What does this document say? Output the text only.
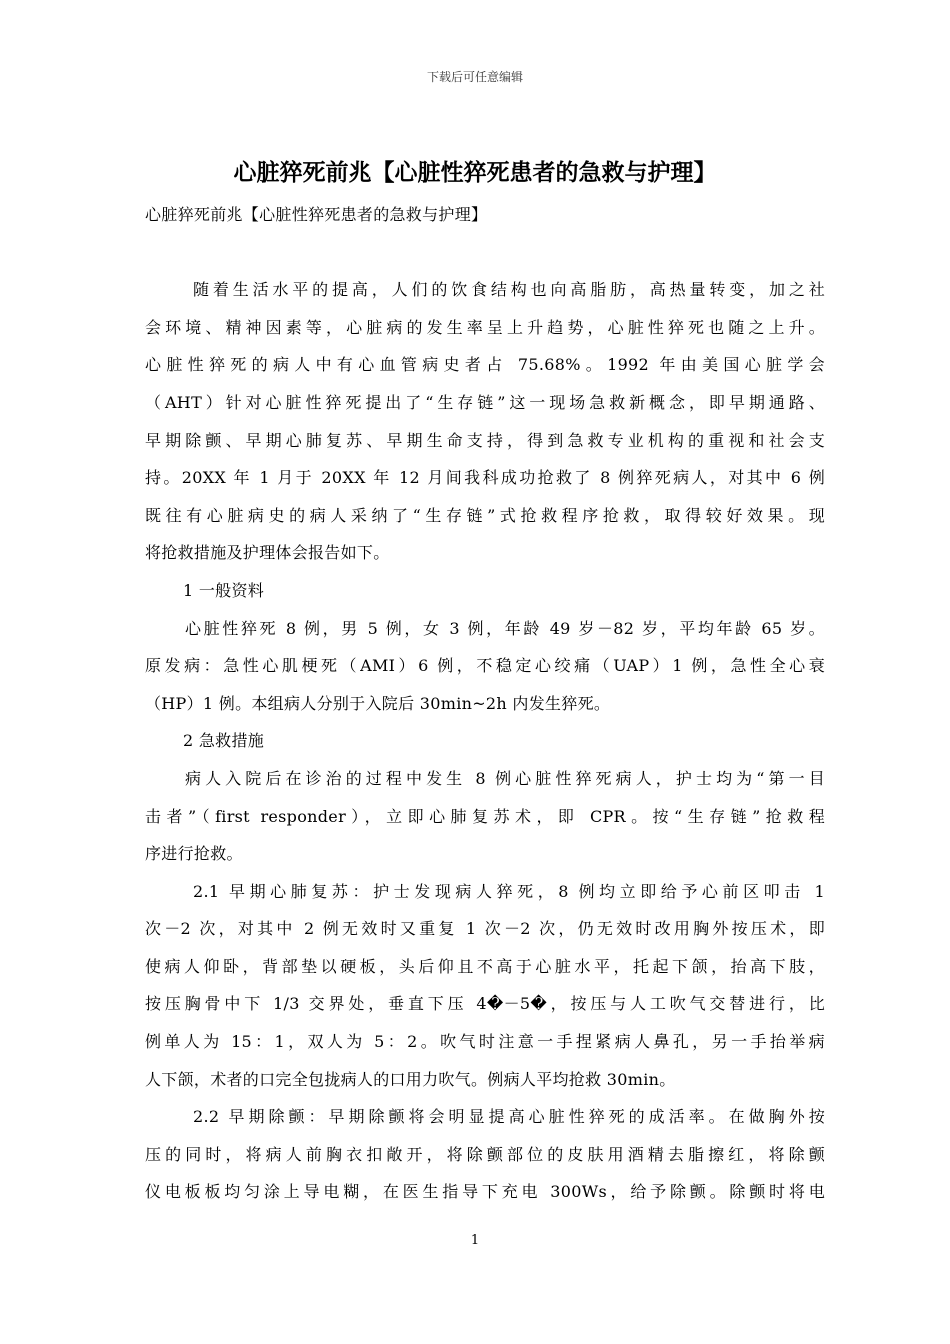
下载后可任意编辑
心脏猝死前兆【心脏性猝死患者的急救与护理】

心脏猝死前兆【心脏性猝死患者的急救与护理】

随着生活水平的提高，人们的饮食结构也向高脂肪，高热量转变，加之社

会环境、精神因素等，心脏病的发生率呈上升趋势，心脏性猝死也随之上升。

心脏性猝死的病人中有心血管病史者占 75.68%。1992 年由美国心脏学会

（AHT）针对心脏性猝死提出了“生存链”这一现场急救新概念，即早期通路、

早期除颤、早期心肺复苏、早期生命支持，得到急救专业机构的重视和社会支

持。20XX 年 1 月于 20XX 年 12 月间我科成功抢救了 8 例猝死病人，对其中 6 例

既往有心脏病史的病人采纳了“生存链”式抢救程序抢救，取得较好效果。现

将抢救措施及护理体会报告如下。

1 一般资料

心脏性猝死 8 例，男 5 例，女 3 例，年龄 49 岁－82 岁，平均年龄 65 岁。

原发病：急性心肌梗死（AMI）6 例，不稳定心绞痛（UAP）1 例，急性全心衰

（HP）1 例。本组病人分别于入院后 30min~2h 内发生猝死。

2 急救措施

病人入院后在诊治的过程中发生 8 例心脏性猝死病人，护士均为“第一目

击者”（first responder），立即心肺复苏术，即 CPR。按“生存链”抢救程

序进行抢救。

2.1 早期心肺复苏：护士发现病人猝死，8 例均立即给予心前区叩击 1

次－2 次，对其中 2 例无效时又重复 1 次－2 次，仍无效时改用胸外按压术，即

使病人仰卧，背部垫以硬板，头后仰且不高于心脏水平，托起下颌，抬高下肢，

按压胸骨中下 1/3 交界处，垂直下压 4�－5�，按压与人工吹气交替进行，比

例单人为 15：1，双人为 5：2。吹气时注意一手捏紧病人鼻孔，另一手抬举病

人下颌，术者的口完全包拢病人的口用力吹气。例病人平均抢救 30min。

2.2 早期除颤：早期除颤将会明显提高心脏性猝死的成活率。在做胸外按

压的同时，将病人前胸衣扣敞开，将除颤部位的皮肤用酒精去脂擦红，将除颤

仪电板板均匀涂上导电糊，在医生指导下充电 300Ws，给予除颤。除颤时将电

1
